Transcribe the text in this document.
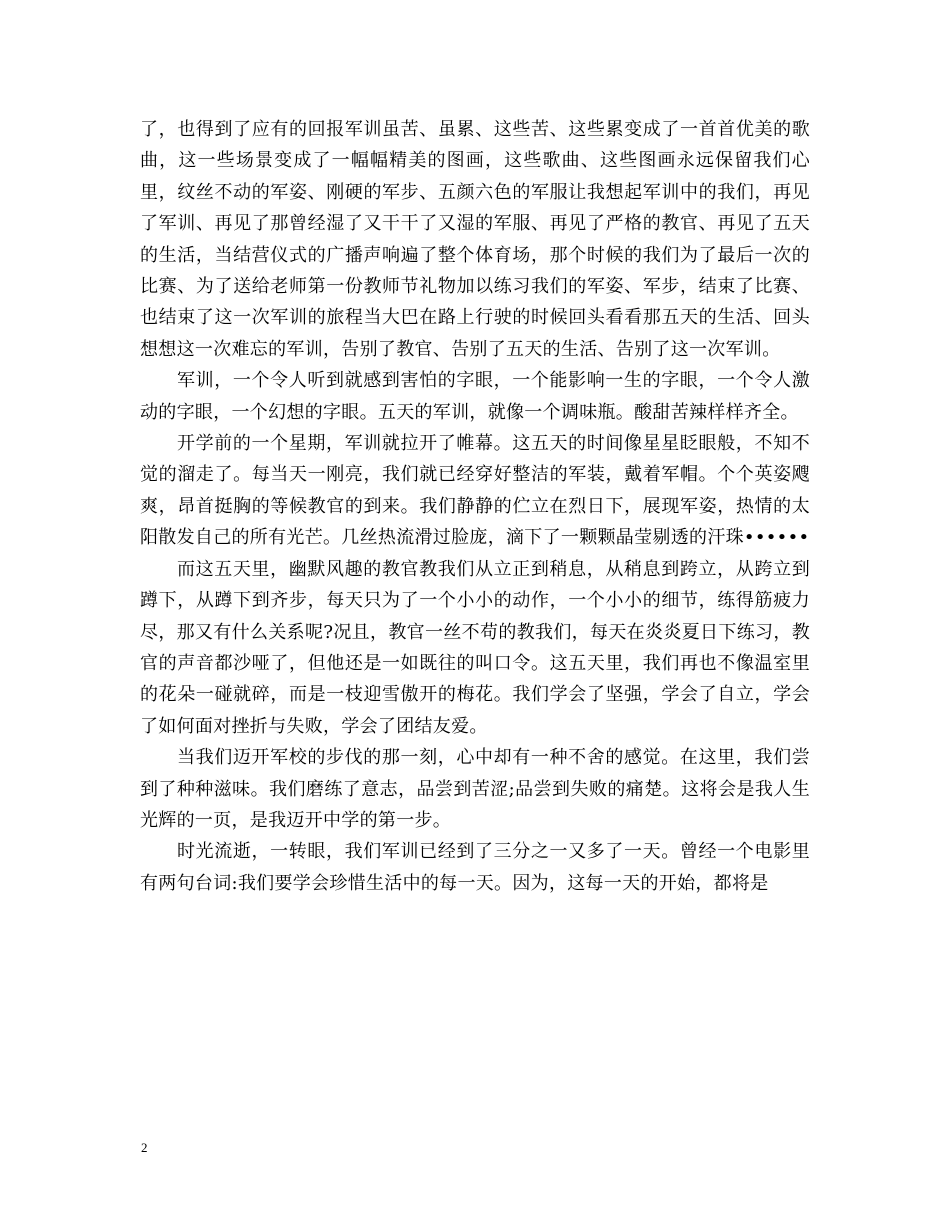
了，也得到了应有的回报军训虽苦、虽累、这些苦、这些累变成了一首首优美的歌曲，这一些场景变成了一幅幅精美的图画，这些歌曲、这些图画永远保留我们心里，纹丝不动的军姿、刚硬的军步、五颜六色的军服让我想起军训中的我们，再见了军训、再见了那曾经湿了又干干了又湿的军服、再见了严格的教官、再见了五天的生活，当结营仪式的广播声响遍了整个体育场，那个时候的我们为了最后一次的比赛、为了送给老师第一份教师节礼物加以练习我们的军姿、军步，结束了比赛、也结束了这一次军训的旅程当大巴在路上行驶的时候回头看看那五天的生活、回头想想这一次难忘的军训，告别了教官、告别了五天的生活、告别了这一次军训。

军训，一个令人听到就感到害怕的字眼，一个能影响一生的字眼，一个令人激动的字眼，一个幻想的字眼。五天的军训，就像一个调味瓶。酸甜苦辣样样齐全。

开学前的一个星期，军训就拉开了帷幕。这五天的时间像星星眨眼般，不知不觉的溜走了。每当天一刚亮，我们就已经穿好整洁的军装，戴着军帽。个个英姿飕爽，昂首挺胸的等候教官的到来。我们静静的伫立在烈日下，展现军姿，热情的太阳散发自己的所有光芒。几丝热流滑过脸庞，滴下了一颗颗晶莹剔透的汗珠••••••

而这五天里，幽默风趣的教官教我们从立正到稍息，从稍息到跨立，从跨立到蹲下，从蹲下到齐步，每天只为了一个小小的动作，一个小小的细节，练得筋疲力尽，那又有什么关系呢?况且，教官一丝不苟的教我们，每天在炎炎夏日下练习，教官的声音都沙哑了，但他还是一如既往的叫口令。这五天里，我们再也不像温室里的花朵一碰就碎，而是一枝迎雪傲开的梅花。我们学会了坚强，学会了自立，学会了如何面对挫折与失败，学会了团结友爱。

当我们迈开军校的步伐的那一刻，心中却有一种不舍的感觉。在这里，我们尝到了种种滋味。我们磨练了意志，品尝到苦涩;品尝到失败的痛楚。这将会是我人生光辉的一页，是我迈开中学的第一步。

时光流逝，一转眼，我们军训已经到了三分之一又多了一天。曾经一个电影里有两句台词:我们要学会珍惜生活中的每一天。因为，这每一天的开始，都将是

2
